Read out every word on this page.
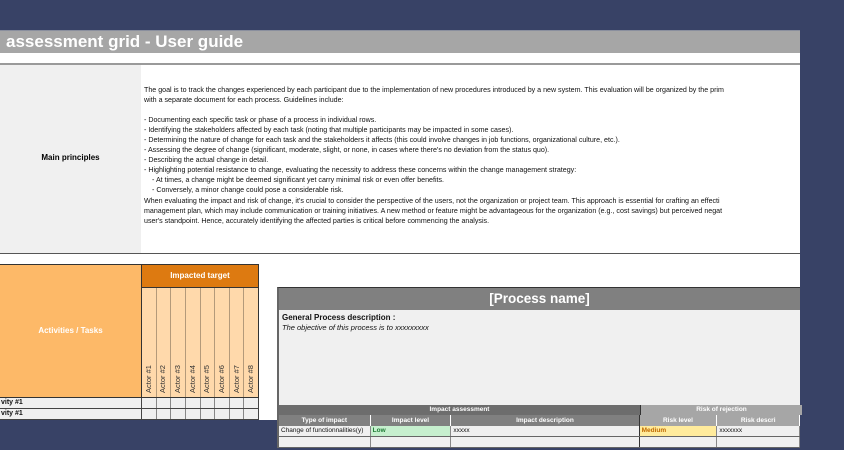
assessment grid - User guide
Main principles
The goal is to track the changes experienced by each participant due to the implementation of new procedures introduced by a new system. This evaluation will be organized by the prim
with a separate document for each process. Guidelines include:
- Documenting each specific task or phase of a process in individual rows.
- Identifying the stakeholders affected by each task (noting that multiple participants may be impacted in some cases).
- Determining the nature of change for each task and the stakeholders it affects (this could involve changes in job functions, organizational culture, etc.).
- Assessing the degree of change (significant, moderate, slight, or none, in cases where there's no deviation from the status quo).
- Describing the actual change in detail.
- Highlighting potential resistance to change, evaluating the necessity to address these concerns within the change management strategy:
- At times, a change might be deemed significant yet carry minimal risk or even offer benefits.
- Conversely, a minor change could pose a considerable risk.
When evaluating the impact and risk of change, it's crucial to consider the perspective of the users, not the organization or project team. This approach is essential for crafting an effecti
management plan, which may include communication or training initiatives. A new method or feature might be advantageous for the organization (e.g., cost savings) but perceived negat
user's standpoint. Hence, accurately identifying the affected parties is critical before commencing the analysis.
Activities / Tasks
Impacted target
Actor #1 Actor #2 Actor #3 Actor #4 Actor #5 Actor #6 Actor #7 Actor #8
vity #1
vity #1
[Process name]
General Process description :
The objective of this process is to xxxxxxxxx
Impact assessment	Risk of rejection
Type of impact	Impact level	Impact description	Risk level	Risk descri
Change of functionnalities(y)	Low	xxxxx	Medium	xxxxxxx
